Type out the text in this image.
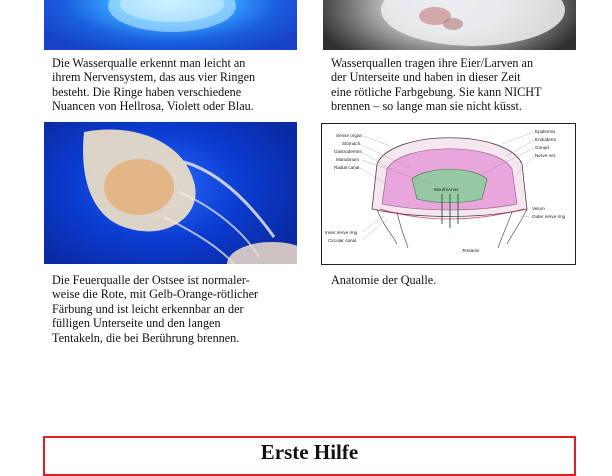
Die Wasserqualle erkennt man leicht an
ihrem Nervensystem, das aus vier Ringen
besteht. Die Ringe haben verschiedene
Nuancen von Hellrosa, Violett oder Blau.
Wasserquallen tragen ihre Eier/Larven an
der Unterseite und haben in dieser Zeit
eine rötliche Farbgebung. Sie kann NICHT
brennen – so lange man sie nicht küsst.
Sense organ
Stomach
Gastrodermis
Manubrium
Radial canal
Epidermis
Endoderm
Gonad
Nerve net
Mouth/Anus
Inner nerve ring
Circular canal
Velum
Outer nerve ring
Tentacle
Die Feuerqualle der Ostsee ist normaler-
weise die Rote, mit Gelb-Orange-rötlicher
Färbung und ist leicht erkennbar an der
fülligen Unterseite und den langen
Tentakeln, die bei Berührung brennen.
Anatomie der Qualle.
Erste Hilfe
